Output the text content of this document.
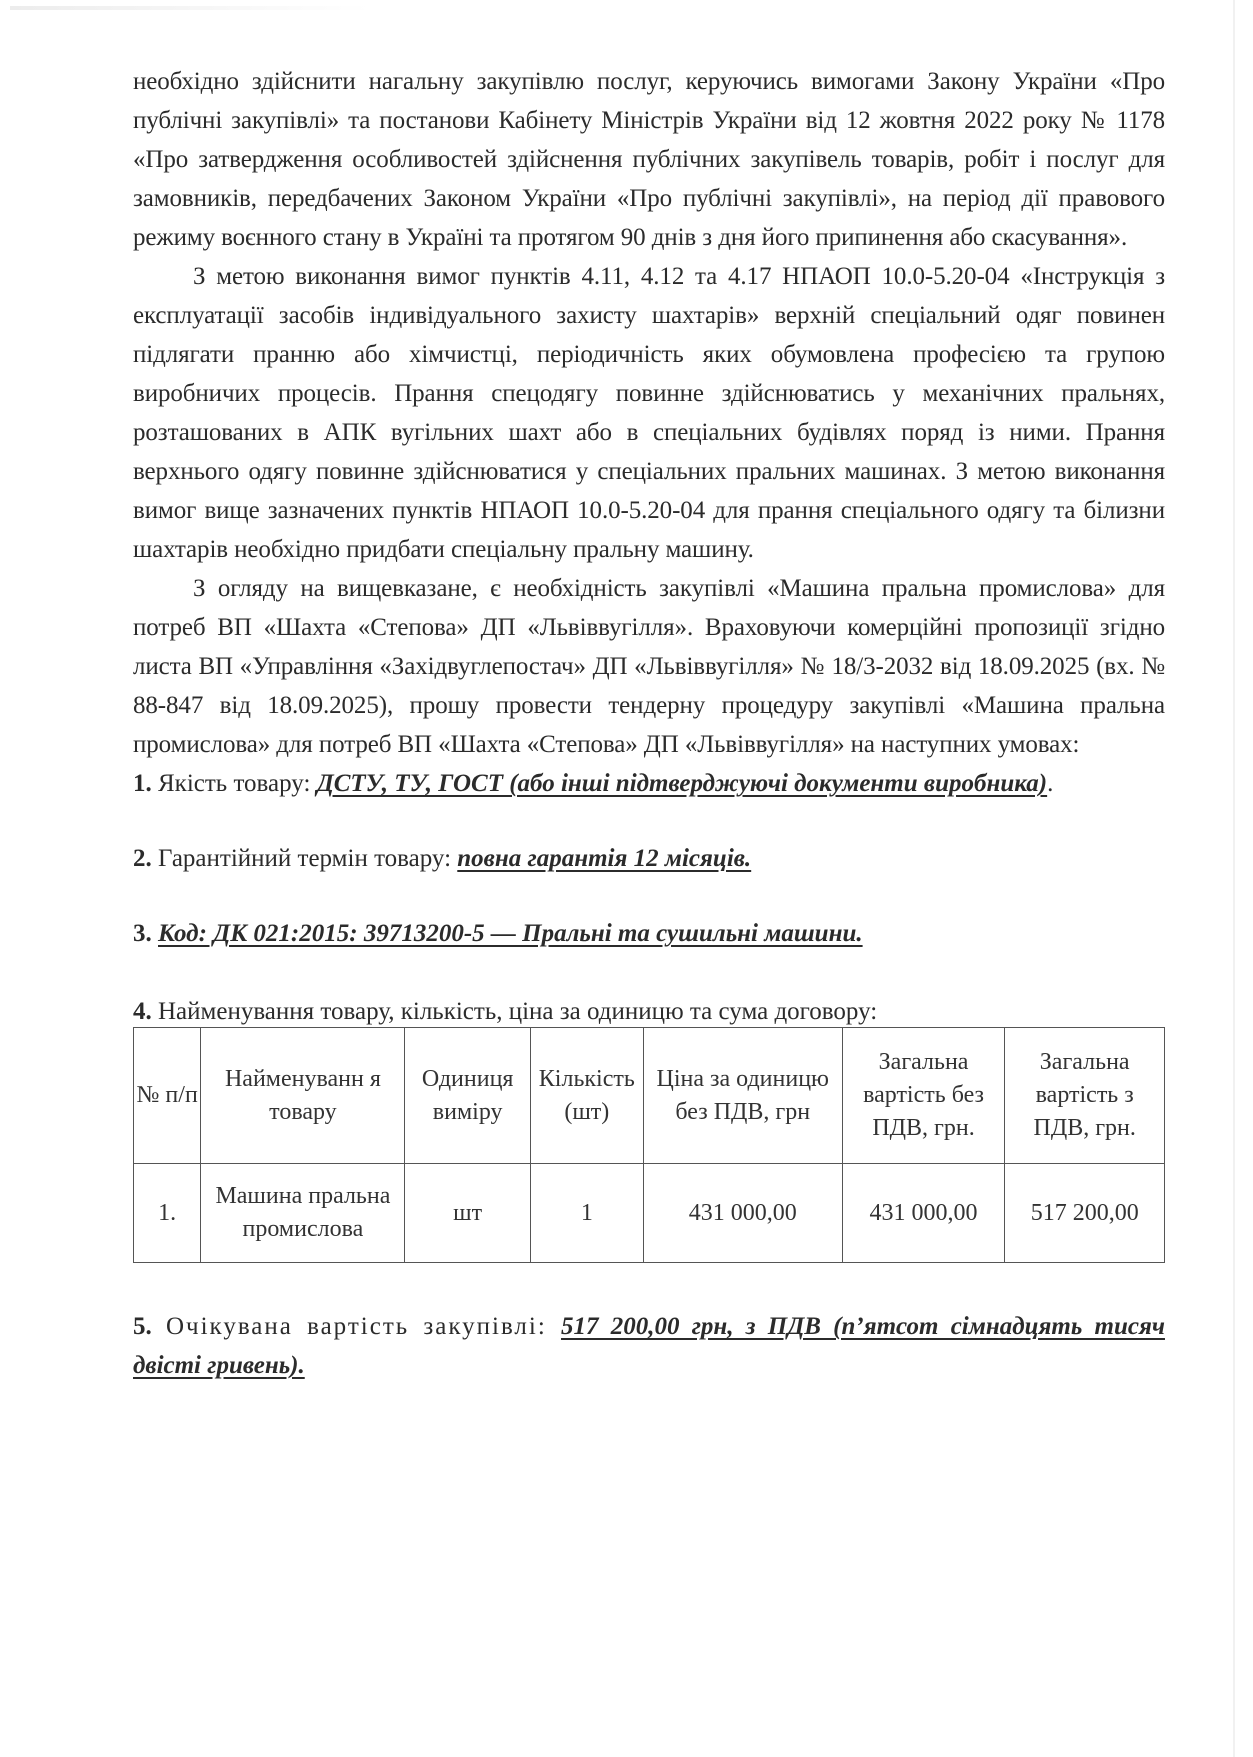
необхідно здійснити нагальну закупівлю послуг, керуючись вимогами Закону України «Про публічні закупівлі» та постанови Кабінету Міністрів України від 12 жовтня 2022 року № 1178 «Про затвердження особливостей здійснення публічних закупівель товарів, робіт і послуг для замовників, передбачених Законом України «Про публічні закупівлі», на період дії правового режиму воєнного стану в Україні та протягом 90 днів з дня його припинення або скасування».

З метою виконання вимог пунктів 4.11, 4.12 та 4.17 НПАОП 10.0-5.20-04 «Інструкція з експлуатації засобів індивідуального захисту шахтарів» верхній спеціальний одяг повинен підлягати пранню або хімчистці, періодичність яких обумовлена професією та групою виробничих процесів. Прання спецодягу повинне здійснюватись у механічних пральнях, розташованих в АПК вугільних шахт або в спеціальних будівлях поряд із ними. Прання верхнього одягу повинне здійснюватися у спеціальних пральних машинах. З метою виконання вимог вище зазначених пунктів НПАОП 10.0-5.20-04 для прання спеціального одягу та білизни шахтарів необхідно придбати спеціальну пральну машину.

З огляду на вищевказане, є необхідність закупівлі «Машина пральна промислова» для потреб ВП «Шахта «Степова» ДП «Львіввугілля». Враховуючи комерційні пропозиції згідно листа ВП «Управління «Західвуглепостач» ДП «Львіввугілля» № 18/3-2032 від 18.09.2025 (вх. № 88-847 від 18.09.2025), прошу провести тендерну процедуру закупівлі «Машина пральна промислова» для потреб ВП «Шахта «Степова» ДП «Львіввугілля» на наступних умовах:

1. Якість товару: ДСТУ, ТУ, ГОСТ (або інші підтверджуючі документи виробника).
2. Гарантійний термін товару: повна гарантія 12 місяців.
3. Код: ДК 021:2015: 39713200-5 — Пральні та сушильні машини.
4. Найменування товару, кількість, ціна за одиницю та сума договору:
№ п/п	Найменуванн я товару	Одиниця виміру	Кількість (шт)	Ціна за одиницю без ПДВ, грн	Загальна вартість без ПДВ, грн.	Загальна вартість з ПДВ, грн.
1.	Машина пральна промислова	шт	1	431 000,00	431 000,00	517 200,00
5. Очікувана вартість закупівлі: 517 200,00 грн, з ПДВ (п’ятсот сімнадцять тисяч двісті гривень).
